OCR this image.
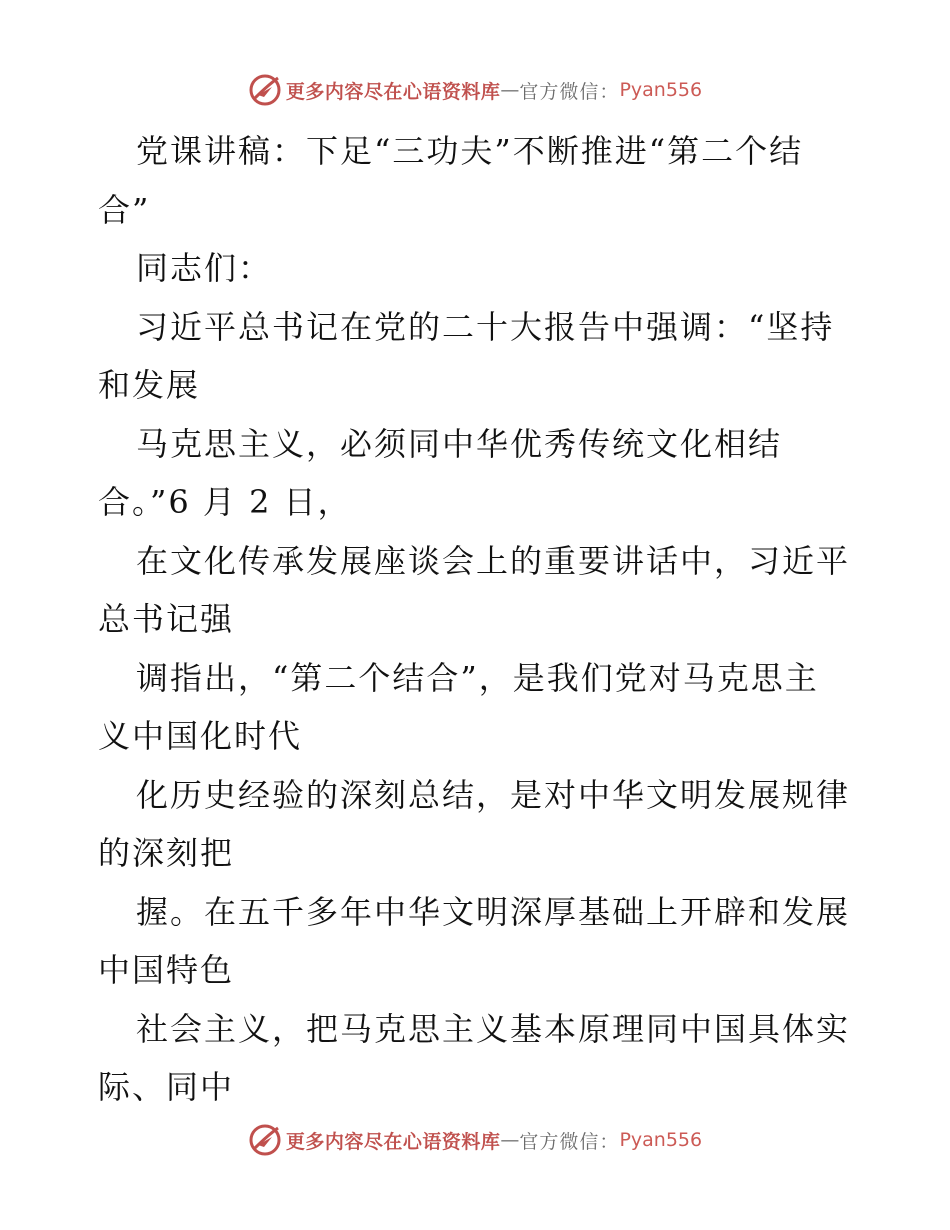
更多内容尽在心语资料库 — 官方微信： Pyan556
党课讲稿：下足“三功夫”不断推进“第二个结
合”
同志们：
习近平总书记在党的二十大报告中强调：“坚持
和发展
马克思主义，必须同中华优秀传统文化相结
合。”6 月 2 日，
在文化传承发展座谈会上的重要讲话中，习近平
总书记强
调指出，“第二个结合”，是我们党对马克思主
义中国化时代
化历史经验的深刻总结，是对中华文明发展规律
的深刻把
握。在五千多年中华文明深厚基础上开辟和发展
中国特色
社会主义，把马克思主义基本原理同中国具体实
际、同中
更多内容尽在心语资料库 — 官方微信： Pyan556
